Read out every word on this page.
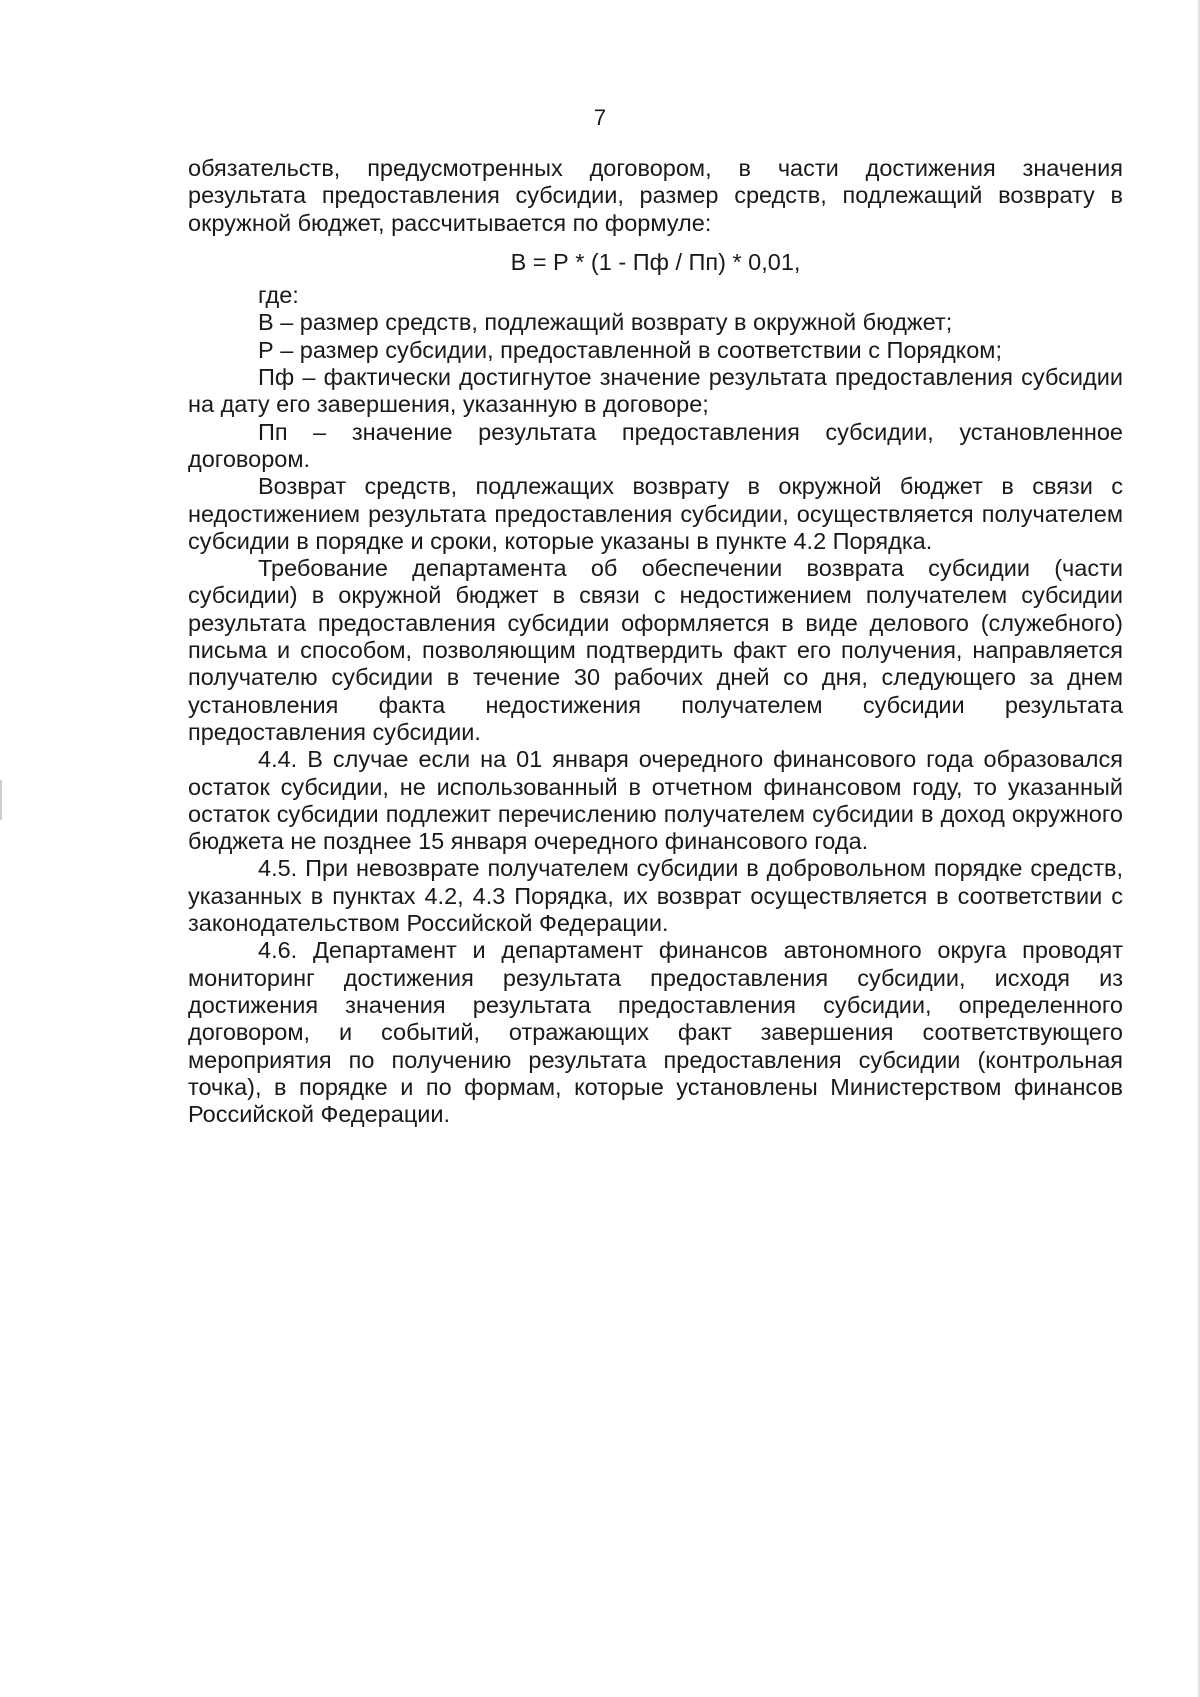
7

обязательств, предусмотренных договором, в части достижения значения результата предоставления субсидии, размер средств, подлежащий возврату в окружной бюджет, рассчитывается по формуле:

В = Р * (1 - Пф / Пп) * 0,01,

где:

В – размер средств, подлежащий возврату в окружной бюджет;

Р – размер субсидии, предоставленной в соответствии с Порядком;

Пф – фактически достигнутое значение результата предоставления субсидии на дату его завершения, указанную в договоре;

Пп – значение результата предоставления субсидии, установленное договором.

Возврат средств, подлежащих возврату в окружной бюджет в связи с недостижением результата предоставления субсидии, осуществляется получателем субсидии в порядке и сроки, которые указаны в пункте 4.2 Порядка.

Требование департамента об обеспечении возврата субсидии (части субсидии) в окружной бюджет в связи с недостижением получателем субсидии результата предоставления субсидии оформляется в виде делового (служебного) письма и способом, позволяющим подтвердить факт его получения, направляется получателю субсидии в течение 30 рабочих дней со дня, следующего за днем установления факта недостижения получателем субсидии результата предоставления субсидии.

4.4. В случае если на 01 января очередного финансового года образовался остаток субсидии, не использованный в отчетном финансовом году, то указанный остаток субсидии подлежит перечислению получателем субсидии в доход окружного бюджета не позднее 15 января очередного финансового года.

4.5. При невозврате получателем субсидии в добровольном порядке средств, указанных в пунктах 4.2, 4.3 Порядка, их возврат осуществляется в соответствии с законодательством Российской Федерации.

4.6. Департамент и департамент финансов автономного округа проводят мониторинг достижения результата предоставления субсидии, исходя из достижения значения результата предоставления субсидии, определенного договором, и событий, отражающих факт завершения соответствующего мероприятия по получению результата предоставления субсидии (контрольная точка), в порядке и по формам, которые установлены Министерством финансов Российской Федерации.
